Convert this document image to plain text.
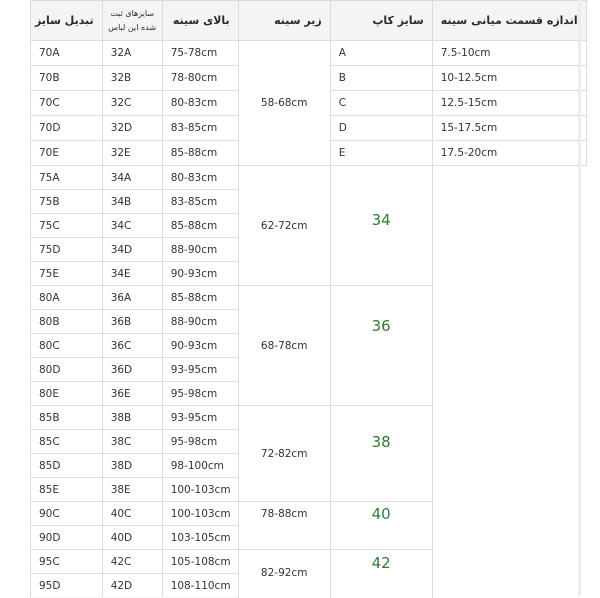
تبدیل سایز	سایزهای ثبت شده این لباس	بالای سینه	زیر سینه	سایز کاپ	اندازه قسمت میانی سینه
70A	32A	75-78cm	58-68cm	A	7.5-10cm
70B	32B	78-80cm		B	10-12.5cm
70C	32C	80-83cm		C	12.5-15cm
70D	32D	83-85cm		D	15-17.5cm
70E	32E	85-88cm		E	17.5-20cm
75A	34A	80-83cm	62-72cm	34	
75B	34B	83-85cm			
75C	34C	85-88cm			
75D	34D	88-90cm			
75E	34E	90-93cm			
80A	36A	85-88cm	68-78cm	36	
80B	36B	88-90cm			
80C	36C	90-93cm			
80D	36D	93-95cm			
80E	36E	95-98cm			
85B	38B	93-95cm	72-82cm	38	
85C	38C	95-98cm			
85D	38D	98-100cm			
85E	38E	100-103cm			
90C	40C	100-103cm	78-88cm	40	
90D	40D	103-105cm			
95C	42C	105-108cm	82-92cm	42	
95D	42D	108-110cm			
